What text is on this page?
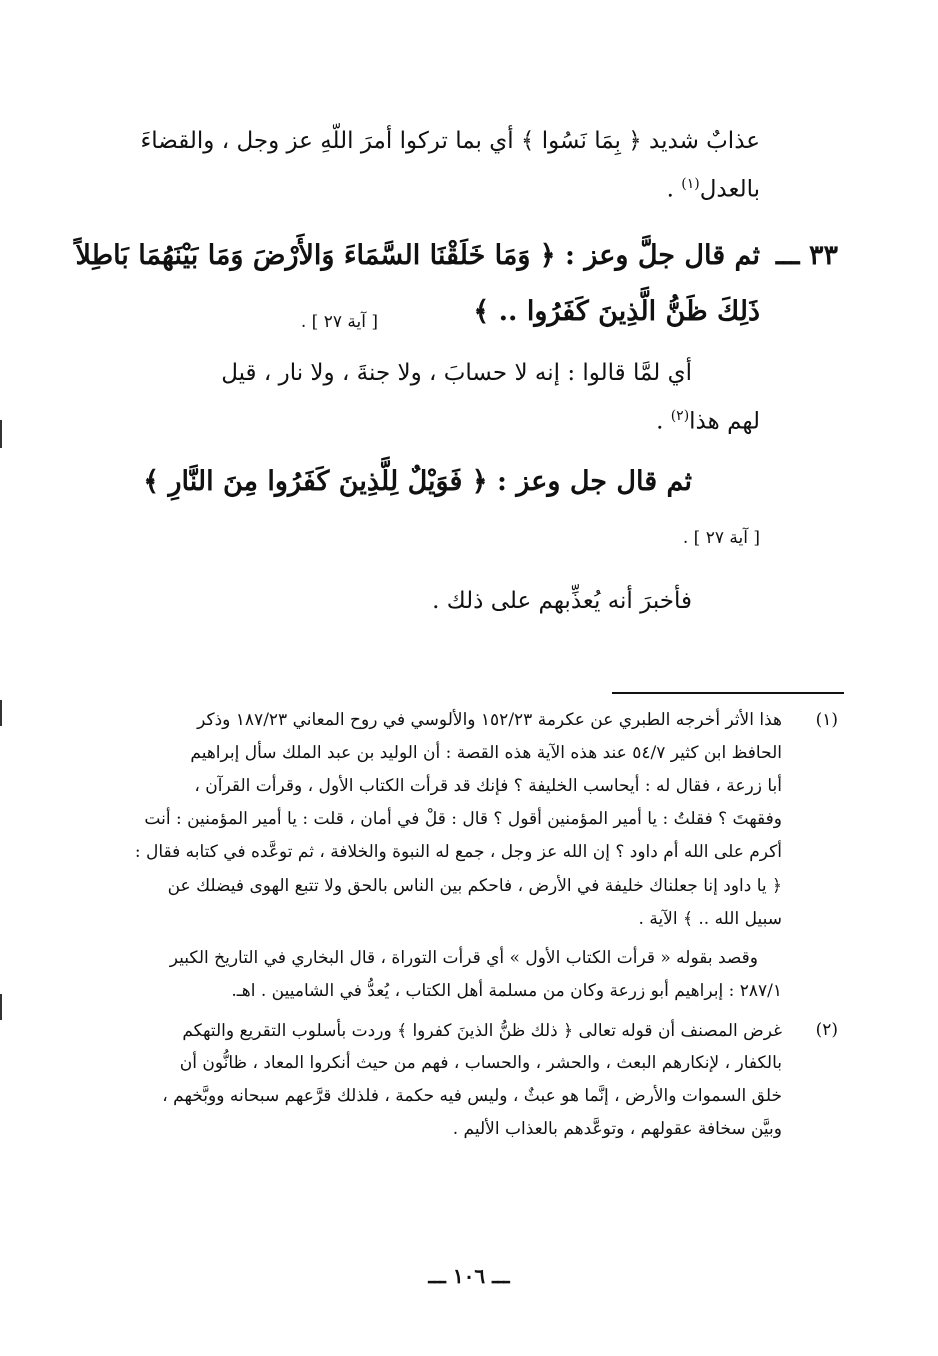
عذابٌ شديد ﴿ بِمَا نَسُوا ﴾ أي بما تركوا أمرَ اللّهِ عز وجل ، والقضاءَ
بالعدل$^{(١)}$ .
٣٣ ـــ
ثم قال جلَّ وعز : ﴿ وَمَا خَلَقْنَا السَّمَاءَ وَالأَرْضَ وَمَا بَيْنَهُمَا بَاطِلاً
ذَلِكَ ظَنُّ الَّذِينَ كَفَرُوا .. ﴾
[ آية ٢٧ ] .
أي لمَّا قالوا : إنه لا حسابَ ، ولا جنةَ ، ولا نار ، قيل
لهم هذا$^{(٢)}$ .
ثم قال جل وعز : ﴿ فَوَيْلٌ لِلَّذِينَ كَفَرُوا مِنَ النَّارِ ﴾
[ آية ٢٧ ] .
فأخبرَ أنه يُعذِّبهم على ذلك .
(١)
هذا الأثر أخرجه الطبري عن عكرمة ١٥٢/٢٣ والألوسي في روح المعاني ١٨٧/٢٣ وذكر
الحافظ ابن كثير ٥٤/٧ عند هذه الآية هذه القصة : أن الوليد بن عبد الملك سأل إبراهيم
أبا زرعة ، فقال له : أيحاسب الخليفة ؟ فإنك قد قرأت الكتاب الأول ، وقرأت القرآن ،
وفقهتَ ؟ فقلتُ : يا أمير المؤمنين أقول ؟ قال : قلْ في أمان ، قلت : يا أمير المؤمنين : أنت
أكرم على الله أم داود ؟ إن الله عز وجل ، جمع له النبوة والخلافة ، ثم توعَّده في كتابه فقال :
﴿ يا داود إنا جعلناك خليفة في الأرض ، فاحكم بين الناس بالحق ولا تتبع الهوى فيضلك عن
سبيل الله .. ﴾ الآية .
وقصد بقوله « قرأت الكتاب الأول » أي قرأت التوراة ، قال البخاري في التاريخ الكبير
٢٨٧/١ : إبراهيم أبو زرعة وكان من مسلمة أهل الكتاب ، يُعدُّ في الشاميين . اهـ.
(٢)
غرض المصنف أن قوله تعالى ﴿ ذلك ظنُّ الذينَ كفروا ﴾ وردت بأسلوب التقريع والتهكم
بالكفار ، لإنكارهم البعث ، والحشر ، والحساب ، فهم من حيث أنكروا المعاد ، ظانُّون أن
خلق السموات والأرض ، إنَّما هو عبثٌ ، وليس فيه حكمة ، فلذلك قرَّعهم سبحانه ووبَّخهم ،
وبيَّن سخافة عقولهم ، وتوعَّدهم بالعذاب الأليم .
ـــ ١٠٦ ـــ
